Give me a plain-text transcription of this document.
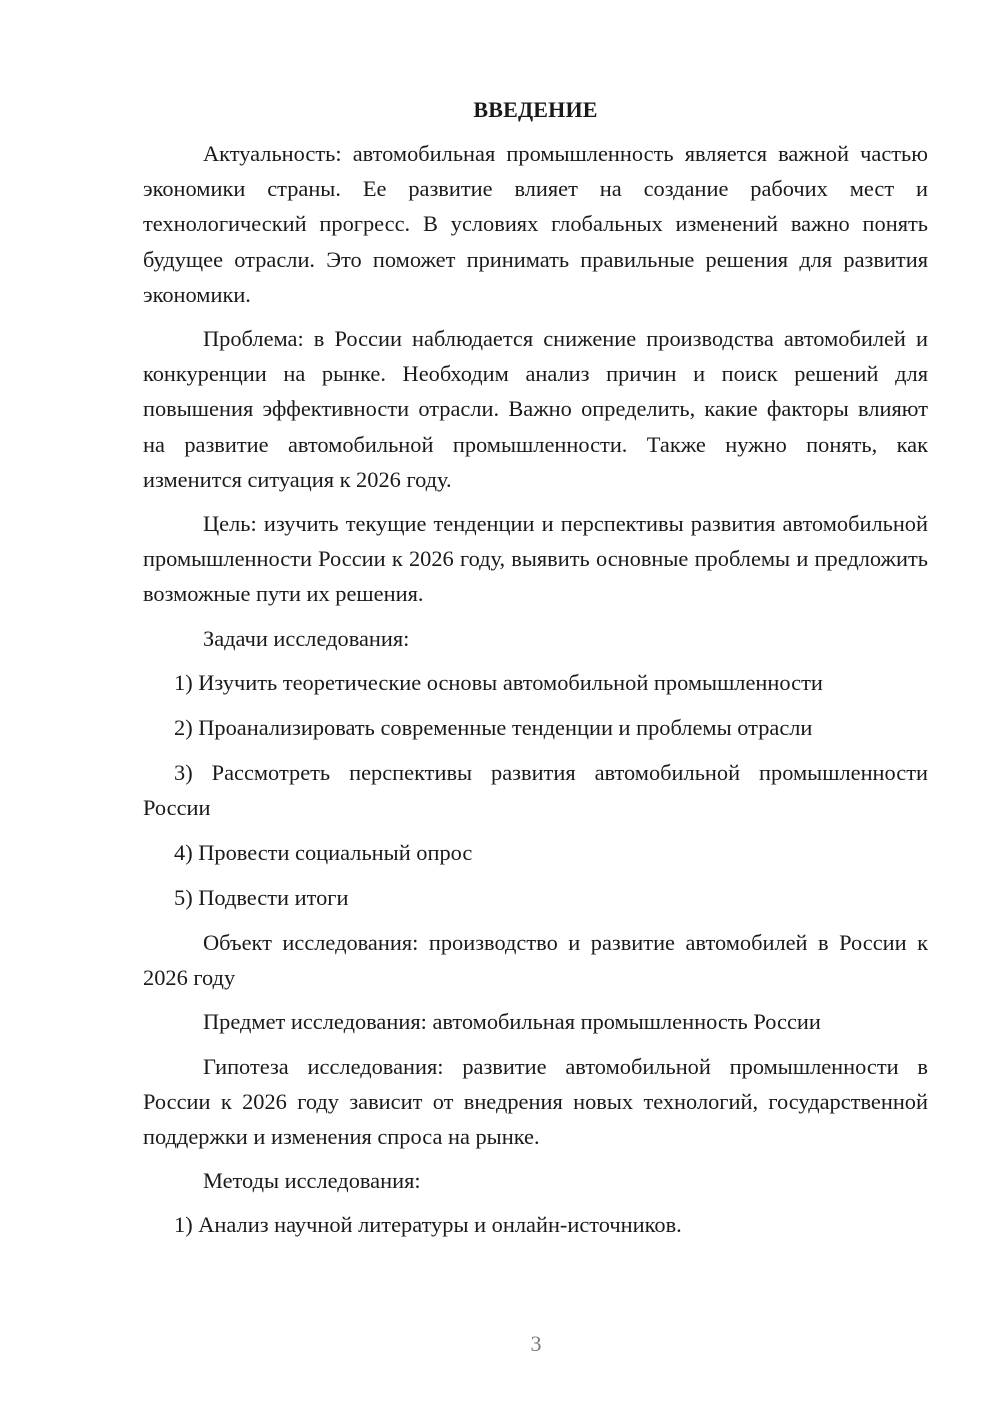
ВВЕДЕНИЕ

Актуальность: автомобильная промышленность является важной частью экономики страны. Ее развитие влияет на создание рабочих мест и технологический прогресс. В условиях глобальных изменений важно понять будущее отрасли. Это поможет принимать правильные решения для развития экономики.

Проблема: в России наблюдается снижение производства автомобилей и конкуренции на рынке. Необходим анализ причин и поиск решений для повышения эффективности отрасли. Важно определить, какие факторы влияют на развитие автомобильной промышленности. Также нужно понять, как изменится ситуация к 2026 году.

Цель: изучить текущие тенденции и перспективы развития автомобильной промышленности России к 2026 году, выявить основные проблемы и предложить возможные пути их решения.

Задачи исследования:

1) Изучить теоретические основы автомобильной промышленности

2) Проанализировать современные тенденции и проблемы отрасли

3) Рассмотреть перспективы развития автомобильной промышленности России

4) Провести социальный опрос

5) Подвести итоги

Объект исследования: производство и развитие автомобилей в России к 2026 году

Предмет исследования: автомобильная промышленность России

Гипотеза исследования: развитие автомобильной промышленности в России к 2026 году зависит от внедрения новых технологий, государственной поддержки и изменения спроса на рынке.

Методы исследования:

1) Анализ научной литературы и онлайн-источников.

3
